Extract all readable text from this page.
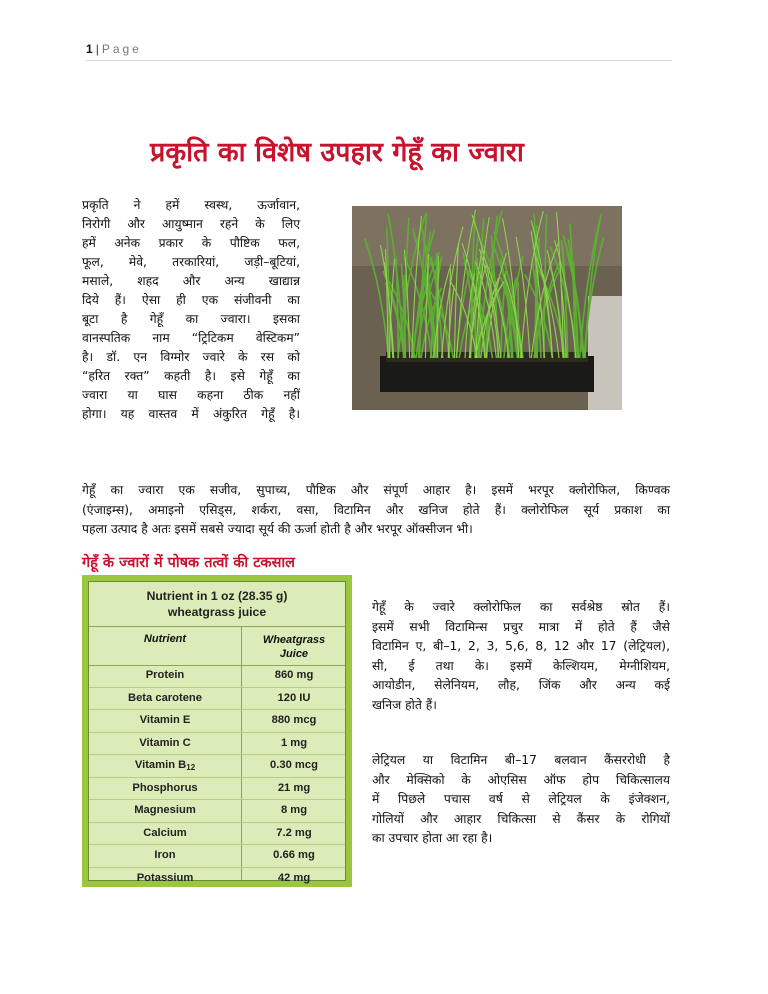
1 | Page
प्रकृति का विशेष उपहार गेहूँ का ज्वारा

प्रकृति ने हमें स्वस्थ, ऊर्जावान,
निरोगी और आयुष्मान रहने के लिए
हमें अनेक प्रकार के पौष्टिक फल,
फूल, मेवे, तरकारियां, जड़ी–बूटियां,
मसाले, शहद और अन्य खाद्यान्न
दिये हैं। ऐसा ही एक संजीवनी का
बूटा है गेहूँ का ज्वारा। इसका
वानस्पतिक नाम “ट्रिटिकम वेस्टिकम”
है। डॉ. एन विग्मोर ज्वारे के रस को
“हरित रक्त” कहती है। इसे गेहूँ का
ज्वारा या घास कहना ठीक नहीं
होगा। यह वास्तव में अंकुरित गेहूँ है।

गेहूँ का ज्वारा एक सजीव, सुपाच्य, पौष्टिक और संपूर्ण आहार है। इसमें भरपूर क्लोरोफिल, किण्वक
(एंजाइम्स), अमाइनो एसिड्स, शर्करा, वसा, विटामिन और खनिज होते हैं। क्लोरोफिल सूर्य प्रकाश का
पहला उत्पाद है अतः इसमें सबसे ज्यादा सूर्य की ऊर्जा होती है और भरपूर ऑक्सीजन भी।

गेहूँ के ज्वारों में पोषक तत्वों की टकसाल
Nutrient in 1 oz (28.35 g)
wheatgrass juice
Nutrient	Wheatgrass
Juice
Protein	860 mg
Beta carotene	120 IU
Vitamin E	880 mcg
Vitamin C	1 mg
Vitamin $B_{12}$	0.30 mcg
Phosphorus	21 mg
Magnesium	8 mg
Calcium	7.2 mg
Iron	0.66 mg
Potassium	42 mg

गेहूँ के ज्वारे क्लोरोफिल का सर्वश्रेष्ठ स्रोत हैं।
इसमें सभी विटामिन्स प्रचुर मात्रा में होते हैं जैसे
विटामिन ए, बी–1, 2, 3, 5,6, 8, 12 और 17 (लेट्रियल),
सी, ई तथा के। इसमें केल्शियम, मेग्नीशियम,
आयोडीन, सेलेनियम, लौह, जिंक और अन्य कई
खनिज होते हैं।

लेट्रियल या विटामिन बी–17 बलवान कैंसररोधी है
और मेक्सिको के ओएसिस ऑफ होप चिकित्सालय
में पिछले पचास वर्ष से लेट्रियल के इंजेक्शन,
गोलियों और आहार चिकित्सा से कैंसर के रोगियों
का उपचार होता आ रहा है।
